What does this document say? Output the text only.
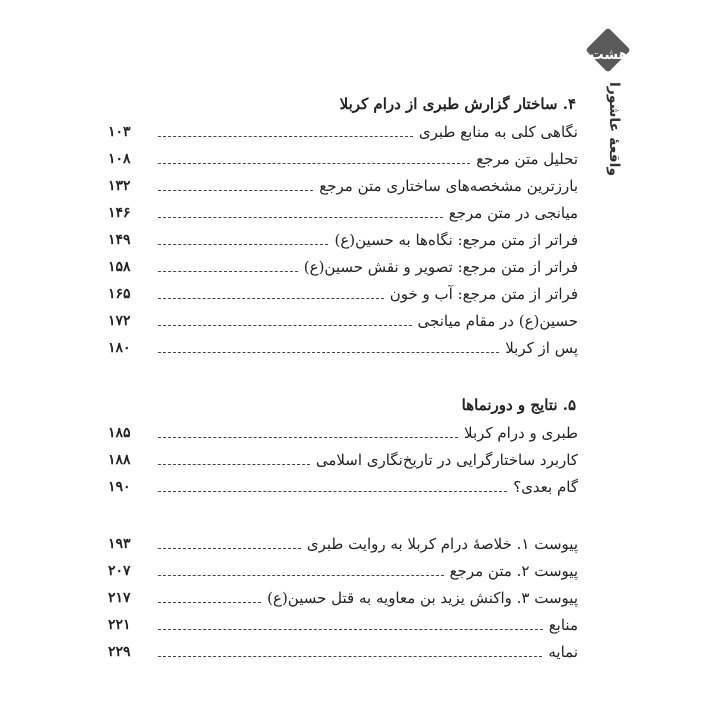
هشت
واقعهٔ عاشورا
۴. ساختار گزارش طبری از درام کربلا
نگاهی کلی به منابع طبری
۱۰۳
تحلیل متن مرجع
۱۰۸
بارزترین مشخصه‌های ساختاری متن مرجع
۱۳۲
میانجی در متن مرجع
۱۴۶
فراتر از متن مرجع: نگاه‌ها به حسین(ع)
۱۴۹
فراتر از متن مرجع: تصویر و نقش حسین(ع)
۱۵۸
فراتر از متن مرجع: آب و خون
۱۶۵
حسین(ع) در مقام میانجی
۱۷۲
پس از کربلا
۱۸۰
۵. نتایج و دورنماها
طبری و درام کربلا
۱۸۵
کاربرد ساختارگرایی در تاریخ‌نگاری اسلامی
۱۸۸
گام بعدی؟
۱۹۰
پیوست ۱. خلاصهٔ درام کربلا به روایت طبری
۱۹۳
پیوست ۲. متن مرجع
۲۰۷
پیوست ۳. واکنش یزید بن معاویه به قتل حسین(ع)
۲۱۷
منابع
۲۲۱
نمایه
۲۲۹
